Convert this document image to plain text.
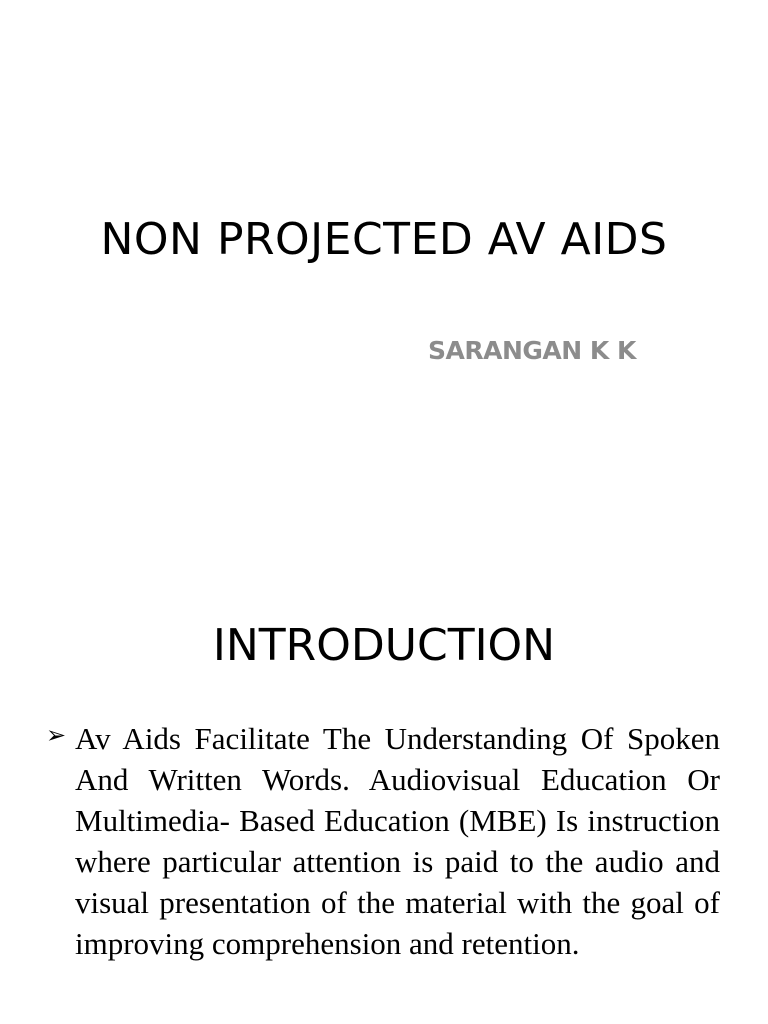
NON PROJECTED AV AIDS
SARANGAN K K
INTRODUCTION
➢ Av Aids Facilitate The Understanding Of Spoken And Written Words. Audiovisual Education Or Multimedia- Based Education (MBE) Is instruction where particular attention is paid to the audio and visual presentation of the material with the goal of improving comprehension and retention.
